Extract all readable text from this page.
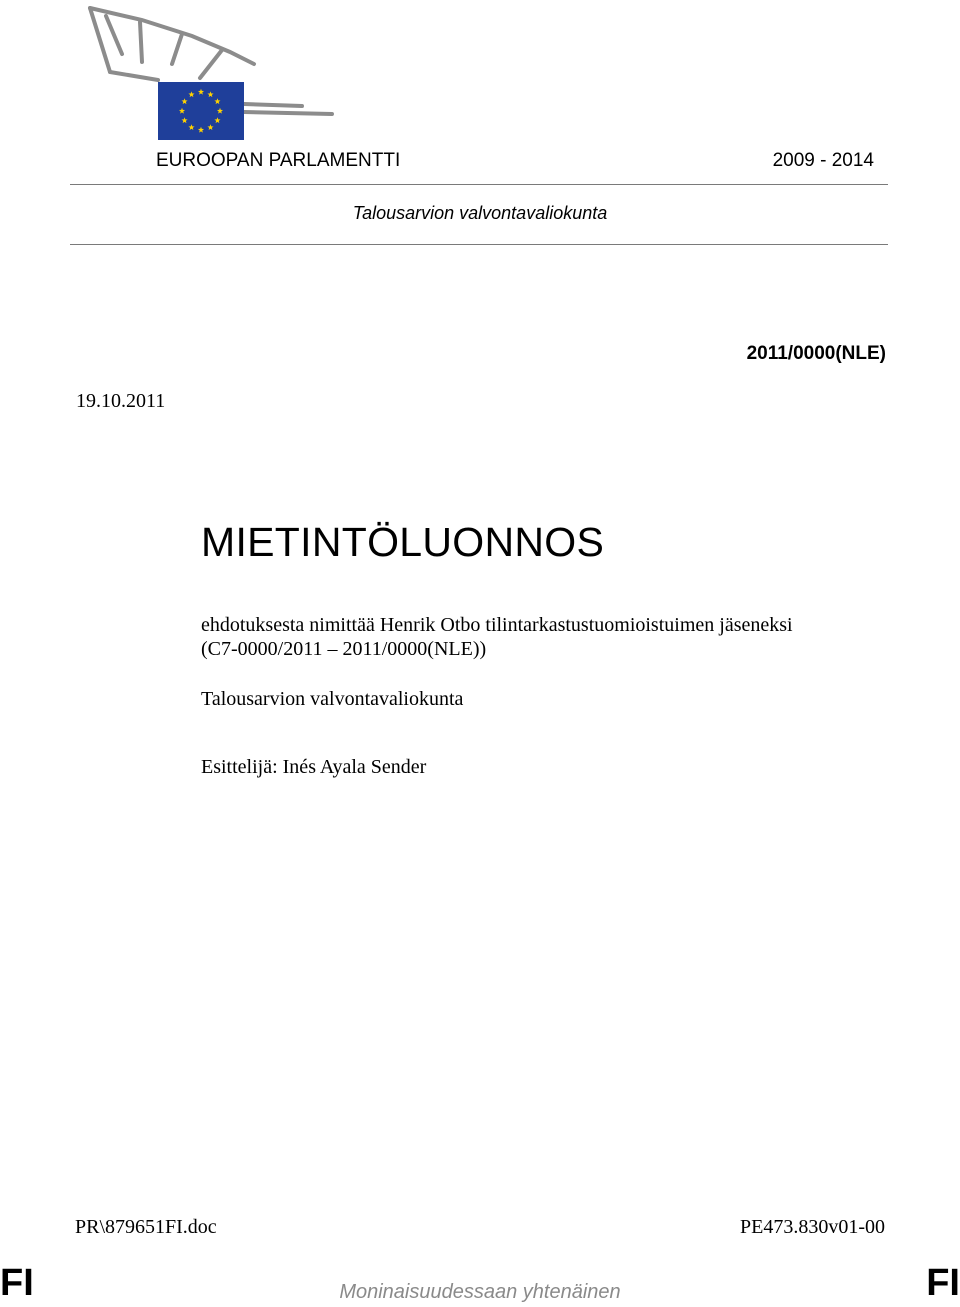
EUROOPAN PARLAMENTTI	2009 - 2014
Talousarvion valvontavaliokunta
2011/0000(NLE)
19.10.2011
MIETINTÖLUONNOS
ehdotuksesta nimittää Henrik Otbo tilintarkastustuomioistuimen jäseneksi
(C7-0000/2011 – 2011/0000(NLE))
Talousarvion valvontavaliokunta
Esittelijä: Inés Ayala Sender
PR\879651FI.doc	PE473.830v01-00
FI	Moninaisuudessaan yhtenäinen	FI
